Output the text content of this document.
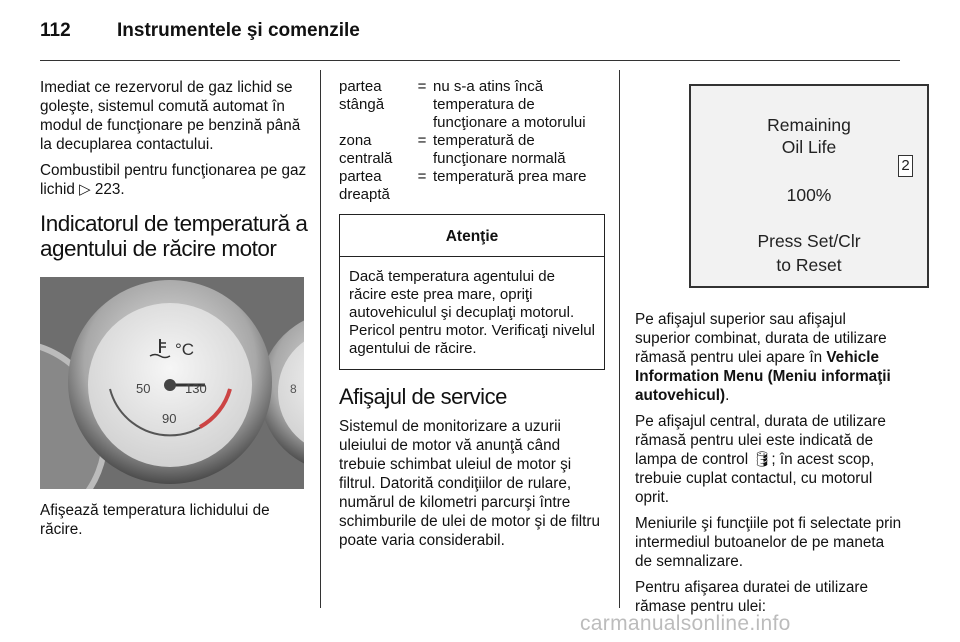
112 Instrumentele şi comenzile

Imediat ce rezervorul de gaz lichid se goleşte, sistemul comută automat în modul de funcţionare pe benzină până la decuplarea contactului.

Combustibil pentru funcţionarea pe gaz lichid ▷ 223.

Indicatorul de temperatură a agentului de răcire motor
50	130
90
°C
8

Afişează temperatura lichidului de răcire.

partea stângă
= nu s-a atins încă temperatura de funcţionare a motorului
zona centrală
= temperatură de funcţionare normală
partea dreaptă
= temperatură prea mare
Atenţie
Dacă temperatura agentului de răcire este prea mare, opriţi autovehiculul şi decuplaţi motorul. Pericol pentru motor. Verificaţi nivelul agentului de răcire.
Afişajul de service

Sistemul de monitorizare a uzurii uleiului de motor vă anunţă când trebuie schimbat uleiul de motor şi filtrul. Datorită condiţiilor de rulare, numărul de kilometri parcurşi între schimburile de ulei de motor şi de filtru poate varia considerabil.

Remaining
Oil Life
2
100%
Press Set/Clr
to Reset

Pe afişajul superior sau afişajul superior combinat, durata de utilizare rămasă pentru ulei apare în Vehicle Information Menu (Meniu informaţii autovehicul).

Pe afişajul central, durata de utilizare rămasă pentru ulei este indicată de lampa de control 🛢; în acest scop, trebuie cuplat contactul, cu motorul oprit.

Meniurile şi funcţiile pot fi selectate prin intermediul butoanelor de pe maneta de semnalizare.

Pentru afişarea duratei de utilizare rămase pentru ulei:

carmanualsonline.info
